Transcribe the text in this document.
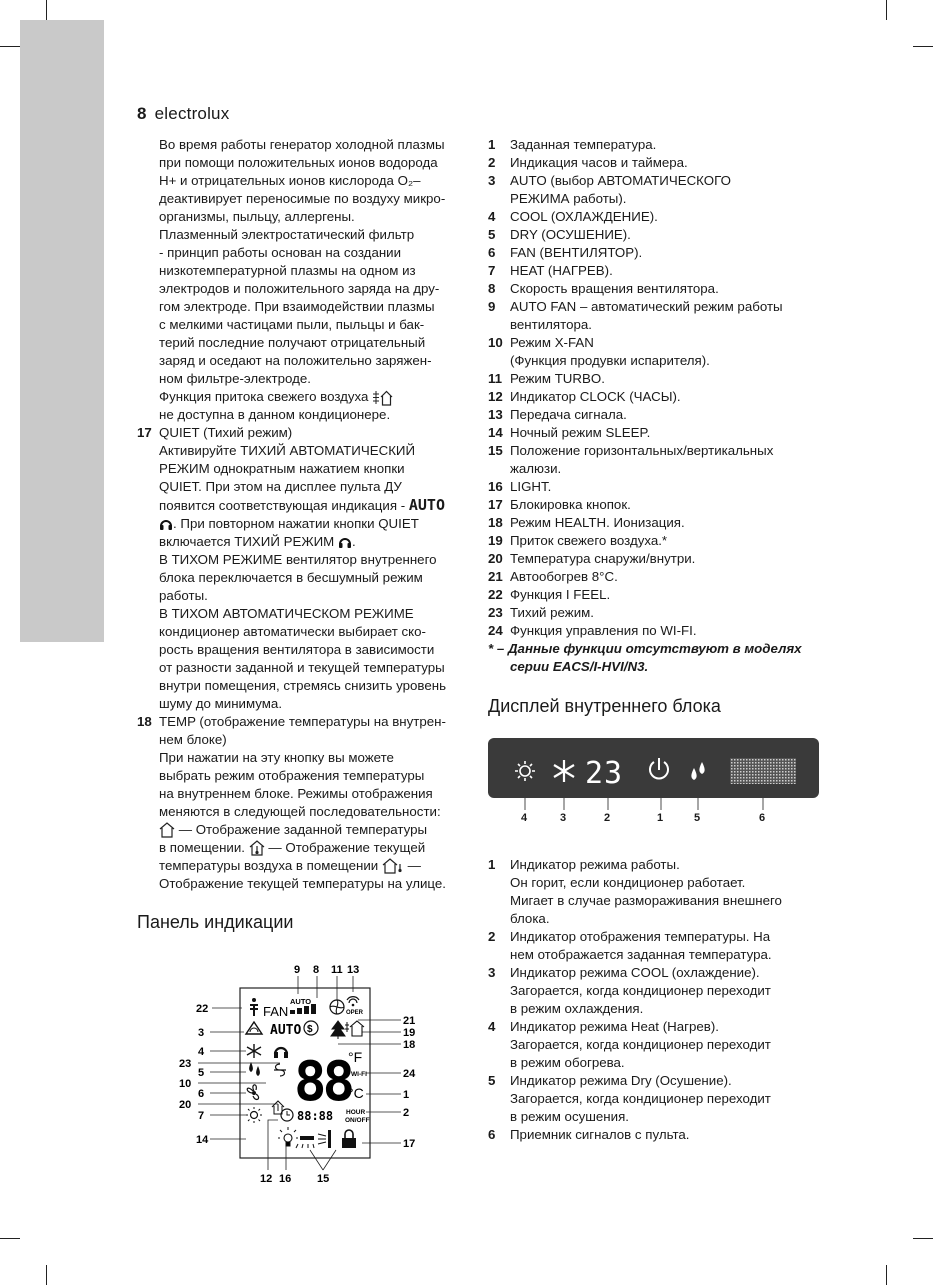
8 electrolux

Во время работы генератор холодной плазмы

при помощи положительных ионов водорода

H+ и отрицательных ионов кислорода O₂–

деактивирует переносимые по воздуху микро-

организмы, пыльцу, аллергены.

Плазменный электростатический фильтр

- принцип работы основан на создании

низкотемпературной плазмы на одном из

электродов и положительного заряда на дру-

гом электроде. При взаимодействии плазмы

с мелкими частицами пыли, пыльцы и бак-

терий последние получают отрицательный

заряд и оседают на положительно заряжен-

ном фильтре-электроде.

Функция притока свежего воздуха

не доступна в данном кондиционере.

17 QUIET (Тихий режим)

Активируйте ТИХИЙ АВТОМАТИЧЕСКИЙ

РЕЖИМ однократным нажатием кнопки

QUIET. При этом на дисплее пульта ДУ

появится соответствующая индикация - AUTO

. При повторном нажатии кнопки QUIET

включается ТИХИЙ РЕЖИМ .

В ТИХОМ РЕЖИМЕ вентилятор внутреннего

блока переключается в бесшумный режим

работы.

В ТИХОМ АВТОМАТИЧЕСКОМ РЕЖИМЕ

кондиционер автоматически выбирает ско-

рость вращения вентилятора в зависимости

от разности заданной и текущей температуры

внутри помещения, стремясь снизить уровень

шуму до минимума.

18 TEMP (отображение температуры на внутрен-

нем блоке)

При нажатии на эту кнопку вы можете

выбрать режим отображения температуры

на внутреннем блоке. Режимы отображения

меняются в следующей последовательности:

— Отображение заданной температуры

в помещении. — Отображение текущей

температуры воздуха в помещении —

Отображение текущей температуры на улице.

Панель индикации
9 8 11 13
22
3
4
23
5
10
6
20
7
14
21
19
18
24
1
2
17
12 16 15
FAN
AUTO
OPER
AUTO $
88
°F
WI-FI
°C
88:88 HOUR
ON/OFF

1 Заданная температура.

2 Индикация часов и таймера.

3 AUTO (выбор АВТОМАТИЧЕСКОГО

РЕЖИМА работы).

4 COOL (ОХЛАЖДЕНИЕ).

5 DRY (ОСУШЕНИЕ).

6 FAN (ВЕНТИЛЯТОР).

7 HEAT (НАГРЕВ).

8 Скорость вращения вентилятора.

9 AUTO FAN – автоматический режим работы

вентилятора.

10 Режим X-FAN

(Функция продувки испарителя).

11 Режим TURBO.

12 Индикатор CLOCK (ЧАСЫ).

13 Передача сигнала.

14 Ночный режим SLEEP.

15 Положение горизонтальных/вертикальных

жалюзи.

16 LIGHT.

17 Блокировка кнопок.

18 Режим HEALTH. Ионизация.

19 Приток свежего воздуха.*

20 Температура снаружи/внутри.

21 Автообогрев 8°C.

22 Функция I FEEL.

23 Тихий режим.

24 Функция управления по WI-FI.

* – Данные функции отсутствуют в моделях

серии EACS/I-HVI/N3.

Дисплей внутреннего блока
23
4	3	2	1	5	6

1 Индикатор режима работы.

Он горит, если кондиционер работает.

Мигает в случае размораживания внешнего

блока.

2 Индикатор отображения температуры. На

нем отображается заданная температура.

3 Индикатор режима COOL (охлаждение).

Загорается, когда кондиционер переходит

в режим охлаждения.

4 Индикатор режима Heat (Нагрев).

Загорается, когда кондиционер переходит

в режим обогрева.

5 Индикатор режима Dry (Осушение).

Загорается, когда кондиционер переходит

в режим осушения.

6 Приемник сигналов с пульта.
